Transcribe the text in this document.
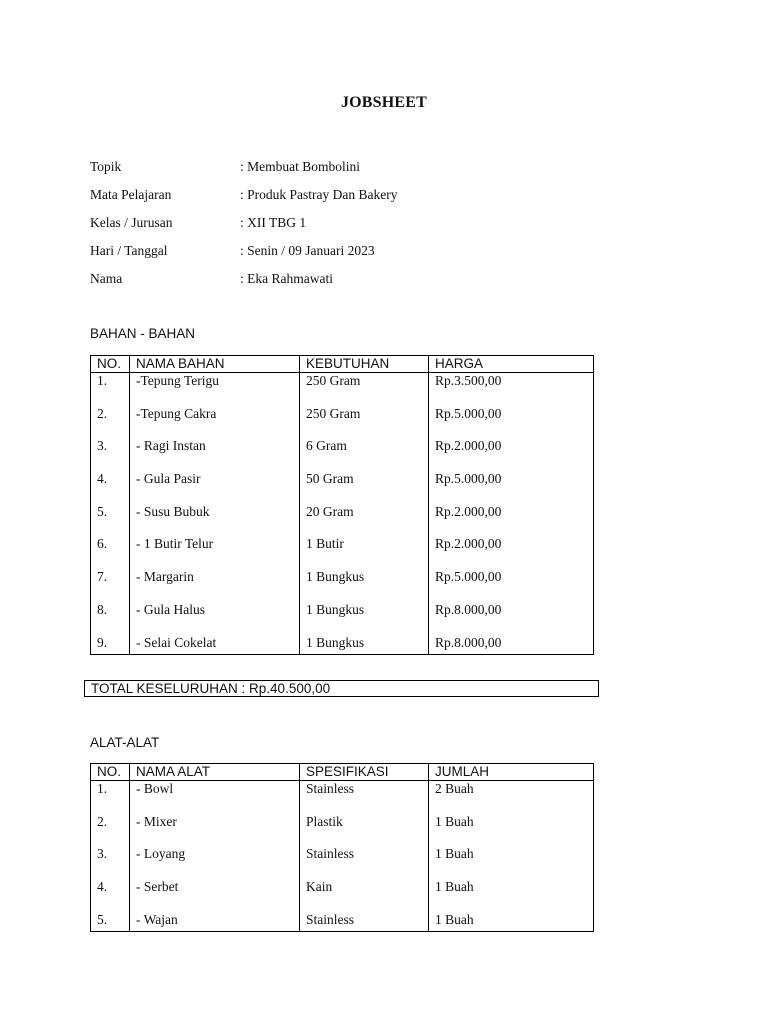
JOBSHEET
Topik	: Membuat Bombolini
Mata Pelajaran	: Produk Pastray Dan Bakery
Kelas / Jurusan	: XII TBG 1
Hari / Tanggal	: Senin / 09 Januari 2023
Nama	: Eka Rahmawati
BAHAN - BAHAN
NO.	NAMA BAHAN	KEBUTUHAN	HARGA
1.	-Tepung Terigu	250 Gram	Rp.3.500,00
2.	-Tepung Cakra	250 Gram	Rp.5.000,00
3.	- Ragi Instan	6 Gram	Rp.2.000,00
4.	- Gula Pasir	50 Gram	Rp.5.000,00
5.	- Susu Bubuk	20 Gram	Rp.2.000,00
6.	- 1 Butir Telur	1 Butir	Rp.2.000,00
7.	- Margarin	1 Bungkus	Rp.5.000,00
8.	- Gula Halus	1 Bungkus	Rp.8.000,00
9.	- Selai Cokelat	1 Bungkus	Rp.8.000,00
TOTAL KESELURUHAN : Rp.40.500,00
ALAT-ALAT
NO.	NAMA ALAT	SPESIFIKASI	JUMLAH
1.	- Bowl	Stainless	2 Buah
2.	- Mixer	Plastik	1 Buah
3.	- Loyang	Stainless	1 Buah
4.	- Serbet	Kain	1 Buah
5.	- Wajan	Stainless	1 Buah
